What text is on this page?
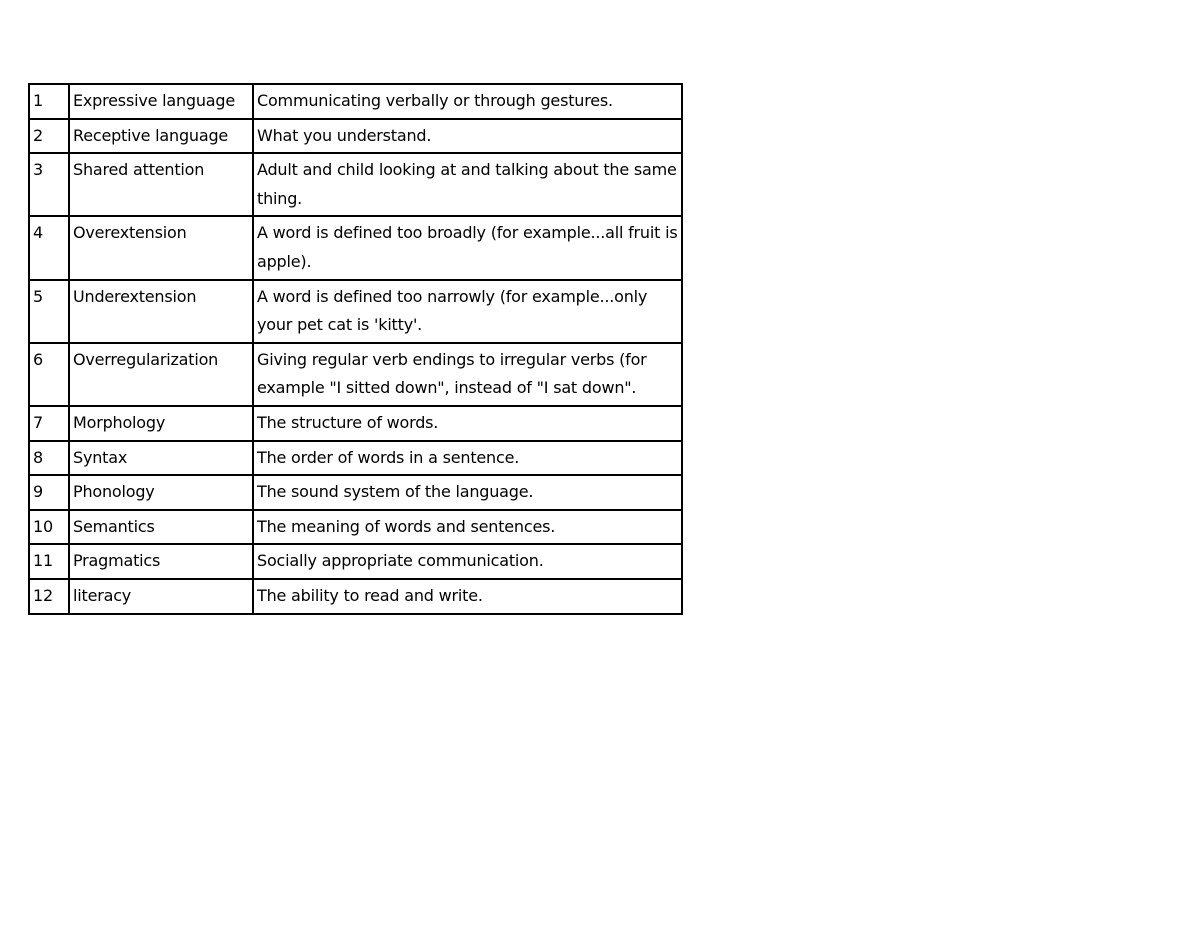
1	Expressive language	Communicating verbally or through gestures.
2	Receptive language	What you understand.
3	Shared attention	Adult and child looking at and talking about the same thing.
4	Overextension	A word is defined too broadly (for example...all fruit is apple).
5	Underextension	A word is defined too narrowly (for example...only your pet cat is 'kitty'.
6	Overregularization	Giving regular verb endings to irregular verbs (for example "I sitted down", instead of "I sat down".
7	Morphology	The structure of words.
8	Syntax	The order of words in a sentence.
9	Phonology	The sound system of the language.
10	Semantics	The meaning of words and sentences.
11	Pragmatics	Socially appropriate communication.
12	literacy	The ability to read and write.
